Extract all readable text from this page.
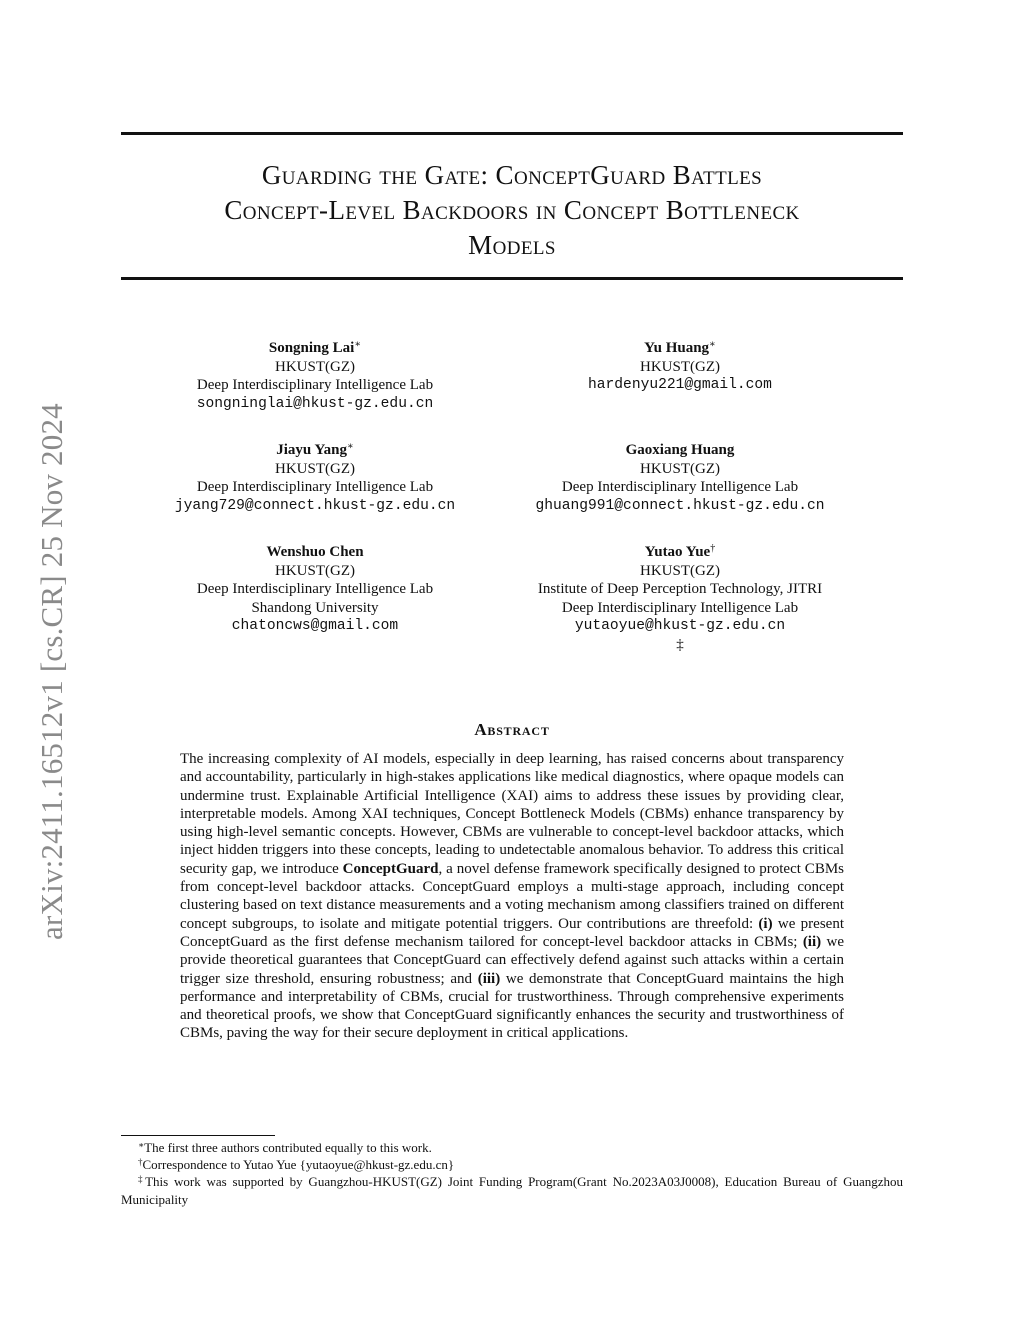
arXiv:2411.16512v1 [cs.CR] 25 Nov 2024
Guarding the Gate: ConceptGuard Battles
Concept-Level Backdoors in Concept Bottleneck
Models
Songning Lai∗
HKUST(GZ)
Deep Interdisciplinary Intelligence Lab
songninglai@hkust-gz.edu.cn
Yu Huang∗
HKUST(GZ)
hardenyu221@gmail.com
Jiayu Yang∗
HKUST(GZ)
Deep Interdisciplinary Intelligence Lab
jyang729@connect.hkust-gz.edu.cn
Gaoxiang Huang
HKUST(GZ)
Deep Interdisciplinary Intelligence Lab
ghuang991@connect.hkust-gz.edu.cn
Wenshuo Chen
HKUST(GZ)
Deep Interdisciplinary Intelligence Lab
Shandong University
chatoncws@gmail.com
Yutao Yue†
HKUST(GZ)
Institute of Deep Perception Technology, JITRI
Deep Interdisciplinary Intelligence Lab
yutaoyue@hkust-gz.edu.cn
‡
Abstract

The increasing complexity of AI models, especially in deep learning, has raised concerns about transparency and accountability, particularly in high-stakes applications like medical diagnostics, where opaque models can undermine trust. Explainable Artificial Intelligence (XAI) aims to address these issues by providing clear, interpretable models. Among XAI techniques, Concept Bottleneck Models (CBMs) enhance transparency by using high-level semantic concepts. However, CBMs are vulnerable to concept-level backdoor attacks, which inject hidden triggers into these concepts, leading to undetectable anomalous behavior. To address this critical security gap, we introduce ConceptGuard, a novel defense framework specifically designed to protect CBMs from concept-level backdoor attacks. ConceptGuard employs a multi-stage approach, including concept clustering based on text distance measurements and a voting mechanism among classifiers trained on different concept subgroups, to isolate and mitigate potential triggers. Our contributions are threefold: (i) we present ConceptGuard as the first defense mechanism tailored for concept-level backdoor attacks in CBMs; (ii) we provide theoretical guarantees that ConceptGuard can effectively defend against such attacks within a certain trigger size threshold, ensuring robustness; and (iii) we demonstrate that ConceptGuard maintains the high performance and interpretability of CBMs, crucial for trustworthiness. Through comprehensive experiments and theoretical proofs, we show that ConceptGuard significantly enhances the security and trustworthiness of CBMs, paving the way for their secure deployment in critical applications.

∗The first three authors contributed equally to this work.
†Correspondence to Yutao Yue {yutaoyue@hkust-gz.edu.cn}
‡This work was supported by Guangzhou-HKUST(GZ) Joint Funding Program(Grant No.2023A03J0008), Education Bureau of Guangzhou Municipality
